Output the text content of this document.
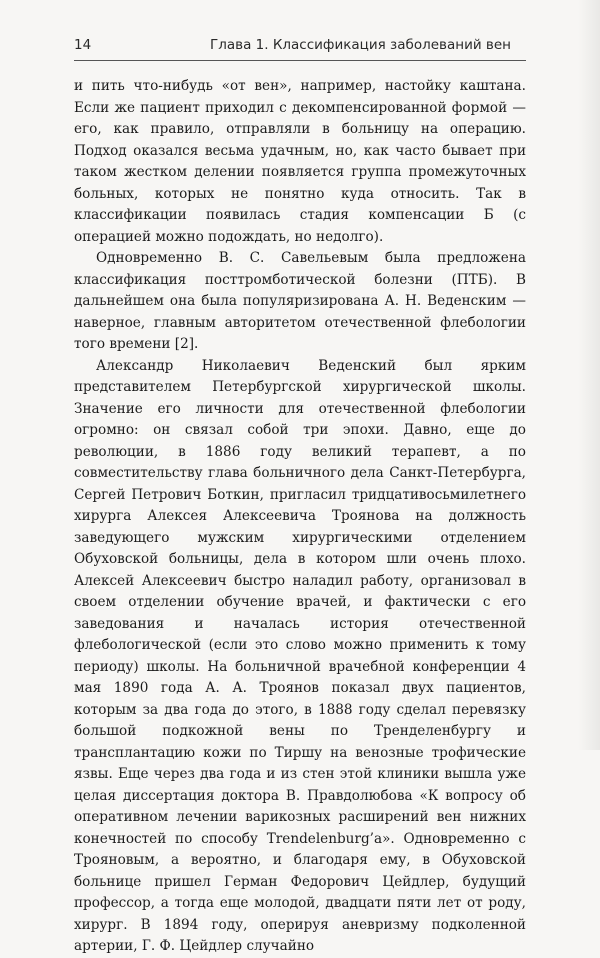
14	Глава 1. Классификация заболеваний вен

и пить что-нибудь «от вен», например, настойку каштана. Если же пациент приходил с декомпенсированной формой — его, как правило, отправляли в больницу на операцию. Подход оказался весьма удачным, но, как часто бывает при таком жестком делении появляется группа промежуточных больных, которых не понятно куда относить. Так в классификации появилась стадия компенсации Б (с операцией можно подождать, но недолго).

Одновременно В. С. Савельевым была предложена классификация посттромботической болезни (ПТБ). В дальнейшем она была популяризирована А. Н. Веденским — наверное, главным авторитетом отечественной флебологии того времени [2].

Александр Николаевич Веденский был ярким представителем Петербургской хирургической школы. Значение его личности для отечественной флебологии огромно: он связал собой три эпохи. Давно, еще до революции, в 1886 году великий терапевт, а по совместительству глава больничного дела Санкт-Петербурга, Сергей Петрович Боткин, пригласил тридцативосьмилетнего хирурга Алексея Алексеевича Троянова на должность заведующего мужским хирургическими отделением Обуховской больницы, дела в котором шли очень плохо. Алексей Алексеевич быстро наладил работу, организовал в своем отделении обучение врачей, и фактически с его заведования и началась история отечественной флебологической (если это слово можно применить к тому периоду) школы. На больничной врачебной конференции 4 мая 1890 года А. А. Троянов показал двух пациентов, которым за два года до этого, в 1888 году сделал перевязку большой подкожной вены по Тренделенбургу и трансплантацию кожи по Тиршу на венозные трофические язвы. Еще через два года и из стен этой клиники вышла уже целая диссертация доктора В. Правдолюбова «К вопросу об оперативном лечении варикозных расширений вен нижних конечностей по способу Trendelenburg’a». Одновременно с Трояновым, а вероятно, и благодаря ему, в Обуховской больнице пришел Герман Федорович Цейдлер, будущий профессор, а тогда еще молодой, двадцати пяти лет от роду, хирург. В 1894 году, оперируя аневризму подколенной артерии, Г. Ф. Цейдлер случайно
